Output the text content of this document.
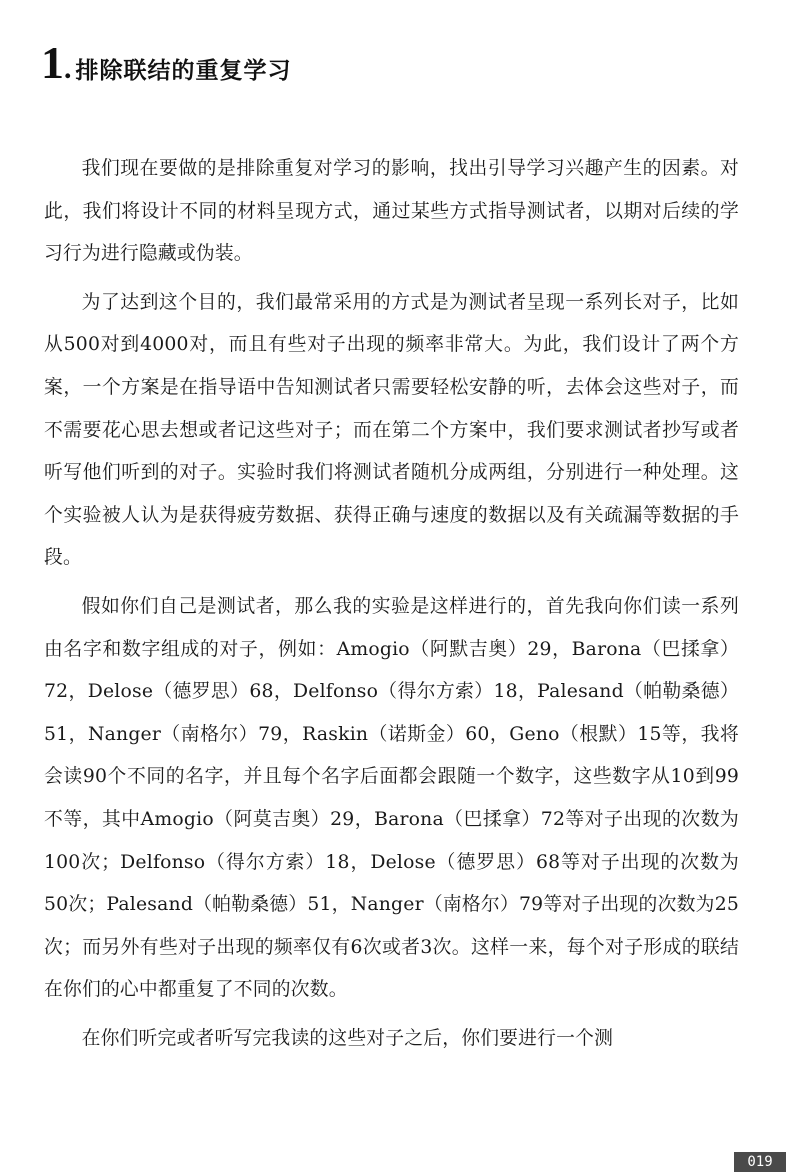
1 . 排除联结的重复学习

我们现在要做的是排除重复对学习的影响，找出引导学习兴趣产生的因素。对此，我们将设计不同的材料呈现方式，通过某些方式指导测试者，以期对后续的学习行为进行隐藏或伪装。

为了达到这个目的，我们最常采用的方式是为测试者呈现一系列长对子，比如从500对到4000对，而且有些对子出现的频率非常大。为此，我们设计了两个方案，一个方案是在指导语中告知测试者只需要轻松安静的听，去体会这些对子，而不需要花心思去想或者记这些对子；而在第二个方案中，我们要求测试者抄写或者听写他们听到的对子。实验时我们将测试者随机分成两组，分别进行一种处理。这个实验被人认为是获得疲劳数据、获得正确与速度的数据以及有关疏漏等数据的手段。

假如你们自己是测试者，那么我的实验是这样进行的，首先我向你们读一系列由名字和数字组成的对子，例如：Amogio（阿默吉奥）29，Barona（巴揉拿）72，Delose（德罗思）68，Delfonso（得尔方索）18，Palesand（帕勒桑德）51，Nanger（南格尔）79，Raskin（诺斯金）60，Geno（根默）15等，我将会读90个不同的名字，并且每个名字后面都会跟随一个数字，这些数字从10到99不等，其中Amogio（阿莫吉奥）29，Barona（巴揉拿）72等对子出现的次数为100次；Delfonso（得尔方索）18，Delose（德罗思）68等对子出现的次数为50次；Palesand（帕勒桑德）51，Nanger（南格尔）79等对子出现的次数为25次；而另外有些对子出现的频率仅有6次或者3次。这样一来，每个对子形成的联结在你们的心中都重复了不同的次数。

在你们听完或者听写完我读的这些对子之后，你们要进行一个测

019
